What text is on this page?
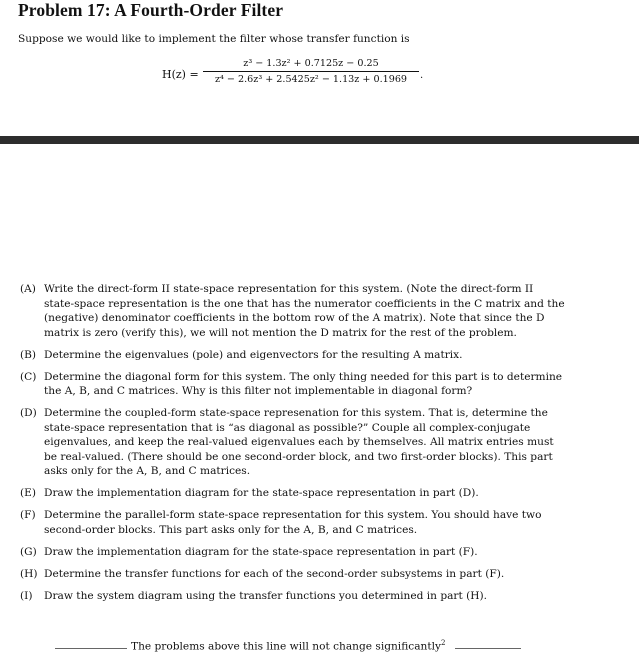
Problem 17: A Fourth-Order Filter

Suppose we would like to implement the filter whose transfer function is

H(z) =
z³ − 1.3z² + 0.7125z − 0.25
z⁴ − 2.6z³ + 2.5425z² − 1.13z + 0.1969	.
(A) Write the direct-form II state-space representation for this system. (Note the direct-form II state-space representation is the one that has the numerator coefficients in the C matrix and the (negative) denominator coefficients in the bottom row of the A matrix). Note that since the D matrix is zero (verify this), we will not mention the D matrix for the rest of the problem.
(B) Determine the eigenvalues (pole) and eigenvectors for the resulting A matrix.
(C) Determine the diagonal form for this system. The only thing needed for this part is to determine the A, B, and C matrices. Why is this filter not implementable in diagonal form?
(D) Determine the coupled-form state-space represenation for this system. That is, determine the state-space representation that is “as diagonal as possible?” Couple all complex-conjugate eigenvalues, and keep the real-valued eigenvalues each by themselves. All matrix entries must be real-valued. (There should be one second-order block, and two first-order blocks). This part asks only for the A, B, and C matrices.
(E) Draw the implementation diagram for the state-space representation in part (D).
(F) Determine the parallel-form state-space representation for this system. You should have two second-order blocks. This part asks only for the A, B, and C matrices.
(G) Draw the implementation diagram for the state-space representation in part (F).
(H) Determine the transfer functions for each of the second-order subsystems in part (F).
(I) Draw the system diagram using the transfer functions you determined in part (H).
The problems above this line will not change significantly$^2$
